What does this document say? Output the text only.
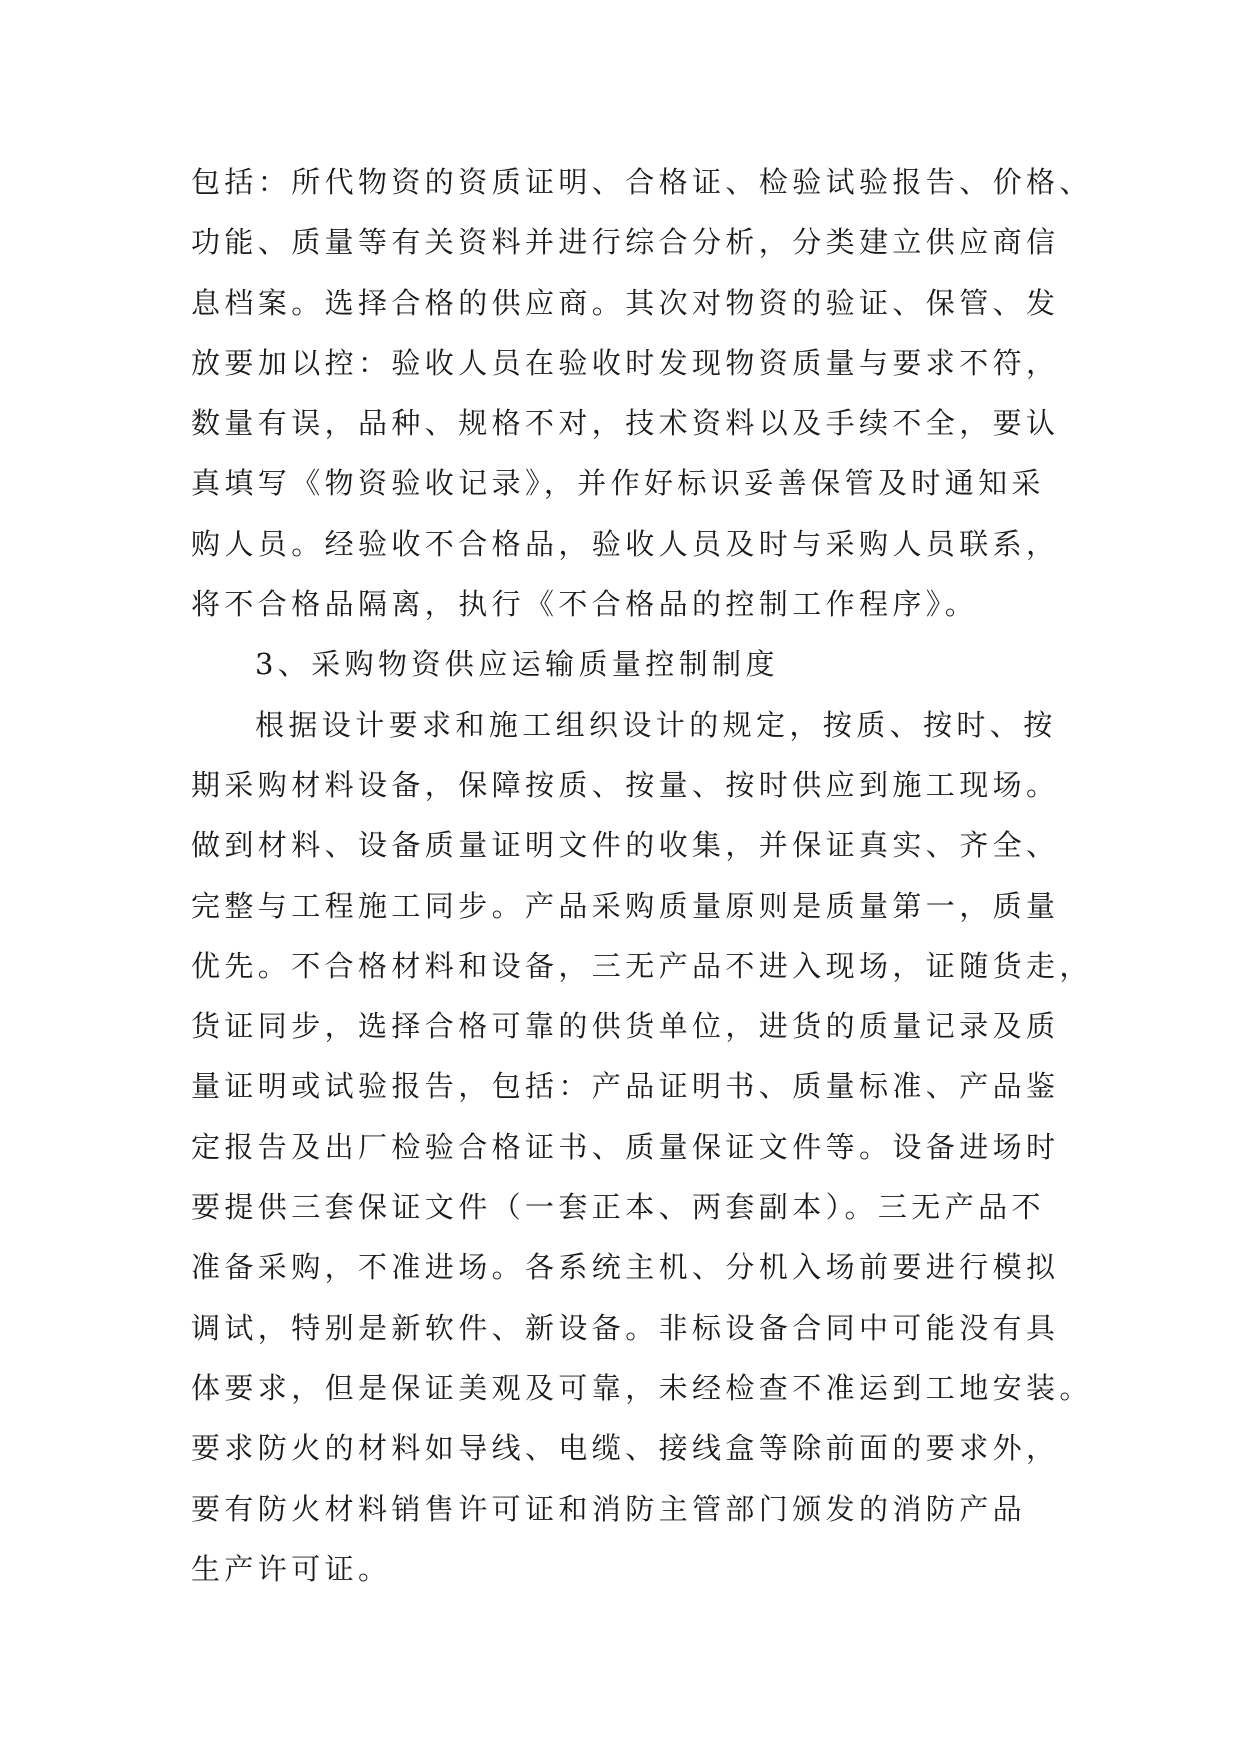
包括：所代物资的资质证明、合格证、检验试验报告、价格、
功能、质量等有关资料并进行综合分析，分类建立供应商信
息档案。选择合格的供应商。其次对物资的验证、保管、发
放要加以控：验收人员在验收时发现物资质量与要求不符，
数量有误，品种、规格不对，技术资料以及手续不全，要认
真填写《物资验收记录》，并作好标识妥善保管及时通知采
购人员。经验收不合格品，验收人员及时与采购人员联系，
将不合格品隔离，执行《不合格品的控制工作程序》。
3、采购物资供应运输质量控制制度
根据设计要求和施工组织设计的规定，按质、按时、按
期采购材料设备，保障按质、按量、按时供应到施工现场。
做到材料、设备质量证明文件的收集，并保证真实、齐全、
完整与工程施工同步。产品采购质量原则是质量第一，质量
优先。不合格材料和设备，三无产品不进入现场，证随货走，
货证同步，选择合格可靠的供货单位，进货的质量记录及质
量证明或试验报告，包括：产品证明书、质量标准、产品鉴
定报告及出厂检验合格证书、质量保证文件等。设备进场时
要提供三套保证文件（一套正本、两套副本）。三无产品不
准备采购，不准进场。各系统主机、分机入场前要进行模拟
调试，特别是新软件、新设备。非标设备合同中可能没有具
体要求，但是保证美观及可靠，未经检查不准运到工地安装。
要求防火的材料如导线、电缆、接线盒等除前面的要求外，
要有防火材料销售许可证和消防主管部门颁发的消防产品
生产许可证。
